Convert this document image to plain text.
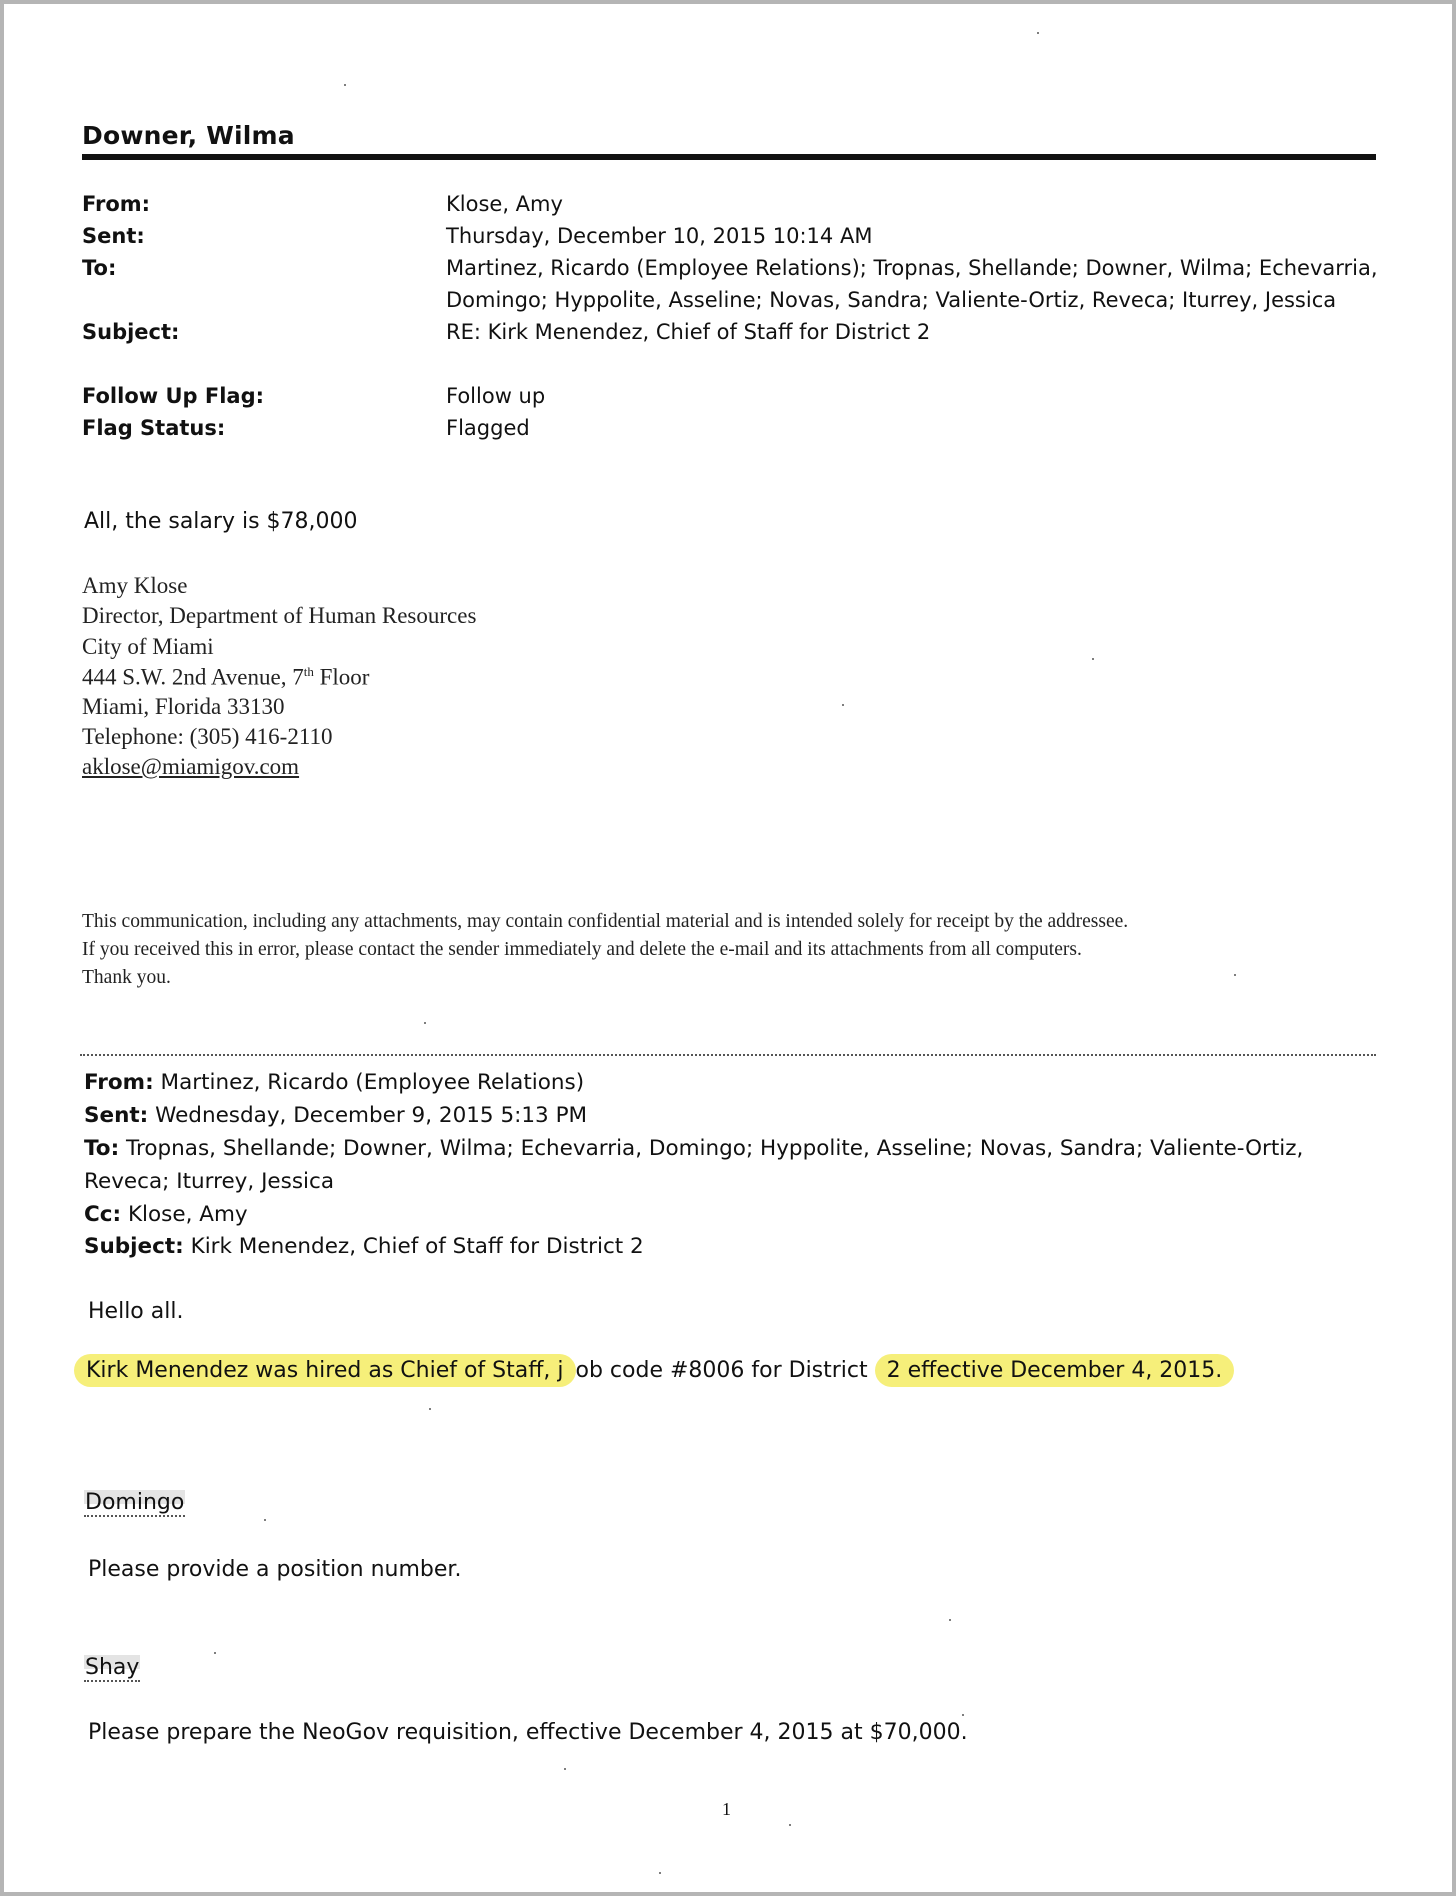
Downer, Wilma
From:	Klose, Amy
Sent:	Thursday, December 10, 2015 10:14 AM
To:	Martinez, Ricardo (Employee Relations); Tropnas, Shellande; Downer, Wilma; Echevarria,
Domingo; Hyppolite, Asseline; Novas, Sandra; Valiente-Ortiz, Reveca; Iturrey, Jessica
Subject:	RE: Kirk Menendez, Chief of Staff for District 2
Follow Up Flag:	Follow up
Flag Status:	Flagged
All, the salary is $78,000
Amy Klose
Director, Department of Human Resources
City of Miami
444 S.W. 2nd Avenue, 7th Floor
Miami, Florida 33130
Telephone: (305) 416-2110
aklose@miamigov.com
This communication, including any attachments, may contain confidential material and is intended solely for receipt by the addressee.
If you received this in error, please contact the sender immediately and delete the e-mail and its attachments from all computers.
Thank you.
From: Martinez, Ricardo (Employee Relations)
Sent: Wednesday, December 9, 2015 5:13 PM
To: Tropnas, Shellande; Downer, Wilma; Echevarria, Domingo; Hyppolite, Asseline; Novas, Sandra; Valiente-Ortiz,
Reveca; Iturrey, Jessica
Cc: Klose, Amy
Subject: Kirk Menendez, Chief of Staff for District 2
Hello all.
Kirk Menendez was hired as Chief of Staff, j ob code #8006 for District 2 effective December 4, 2015.
Domingo
Please provide a position number.
Shay
Please prepare the NeoGov requisition, effective December 4, 2015 at $70,000.
1
